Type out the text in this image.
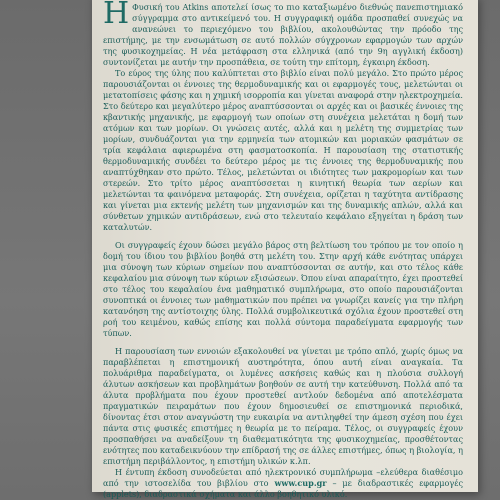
Η Φυσική του Atkins αποτελεί ίσως το πιο καταξιωμένο διεθνώς πανεπιστημιακό σύγγραμμα στο αντικείμενό του. Η συγγραφική ομάδα προσπαθεί συνεχώς να ανανεώνει το περιεχόμενο του βιβλίου, ακολουθώντας την πρόοδο της επιστήμης, με την ενσωμάτωση σε αυτό πολλών σύγχρονων εφαρμογών των αρχών της φυσικοχημείας. Η νέα μετάφραση στα ελληνικά (από την 9η αγγλική έκδοση) συντονίζεται με αυτήν την προσπάθεια, σε τούτη την επίτομη, έγκαιρη έκδοση.

Το εύρος της ύλης που καλύπτεται στο βιβλίο είναι πολύ μεγάλο. Στο πρώτο μέρος παρουσιάζονται οι έννοιες της θερμοδυναμικής και οι εφαρμογές τους, μελετώνται οι μετατοπίσεις φάσης και η χημική ισορροπία και γίνεται αναφορά στην ηλεκτροχημεία. Στο δεύτερο και μεγαλύτερο μέρος αναπτύσσονται οι αρχές και οι βασικές έννοιες της κβαντικής μηχανικής, με εφαρμογή των οποίων στη συνέχεια μελετάται η δομή των ατόμων και των μορίων. Οι γνώσεις αυτές, αλλά και η μελέτη της συμμετρίας των μορίων, συνδυάζονται για την ερμηνεία των ατομικών και μοριακών φασμάτων σε τρία κεφάλαια αφιερωμένα στη φασματοσκοπία. Η παρουσίαση της στατιστικής θερμοδυναμικής συνδέει το δεύτερο μέρος με τις έννοιες της θερμοδυναμικής που αναπτύχθηκαν στο πρώτο. Τέλος, μελετώνται οι ιδιότητες των μακρομορίων και των στερεών. Στο τρίτο μέρος αναπτύσσεται η κινητική θεωρία των αερίων και μελετώνται τα φαινόμενα μεταφοράς. Στη συνέχεια, ορίζεται η ταχύτητα αντίδρασης και γίνεται μια εκτενής μελέτη των μηχανισμών και της δυναμικής απλών, αλλά και σύνθετων χημικών αντιδράσεων, ενώ στο τελευταίο κεφάλαιο εξηγείται η δράση των καταλυτών.

Οι συγγραφείς έχουν δώσει μεγάλο βάρος στη βελτίωση του τρόπου με τον οποίο η δομή του ίδιου του βιβλίου βοηθά στη μελέτη του. Στην αρχή κάθε ενότητας υπάρχει μια σύνοψη των κύριων σημείων που αναπτύσσονται σε αυτήν, και στο τέλος κάθε κεφαλαίου μια σύνοψη των κύριων εξισώσεων. Όπου είναι απαραίτητο, έχει προστεθεί στο τέλος του κεφαλαίου ένα μαθηματικό συμπλήρωμα, στο οποίο παρουσιάζονται συνοπτικά οι έννοιες των μαθηματικών που πρέπει να γνωρίζει κανείς για την πλήρη κατανόηση της αντίστοιχης ύλης. Πολλά συμβολικευτικά σχόλια έχουν προστεθεί στη ροή του κειμένου, καθώς επίσης και πολλά σύντομα παραδείγματα εφαρμογής των τύπων.

Η παρουσίαση των εννοιών εξακολουθεί να γίνεται με τρόπο απλό, χωρίς όμως να παραβλέπεται η επιστημονική αυστηρότητα, όπου αυτή είναι αναγκαία. Τα πολυάριθμα παραδείγματα, οι λυμένες ασκήσεις καθώς και η πλούσια συλλογή άλυτων ασκήσεων και προβλημάτων βοηθούν σε αυτή την κατεύθυνση. Πολλά από τα άλυτα προβλήματα που έχουν προστεθεί αντλούν δεδομένα από αποτελέσματα πραγματικών πειραμάτων που έχουν δημοσιευθεί σε επιστημονικά περιοδικά, δίνοντας έτσι στον αναγνώστη την ευκαιρία να αντιληφθεί την άμεση σχέση που έχει πάντα στις φυσικές επιστήμες η θεωρία με το πείραμα. Τέλος, οι συγγραφείς έχουν προσπαθήσει να αναδείξουν τη διαθεματικότητα της φυσικοχημείας, προσθέτοντας ενότητες που καταδεικνύουν την επίδρασή της σε άλλες επιστήμες, όπως η βιολογία, η επιστήμη περιβάλλοντος, η επιστήμη υλικών κ.λπ.

Η έντυπη έκδοση συνοδεύεται από ηλεκτρονικό συμπλήρωμα –ελεύθερα διαθέσιμο από την ιστοσελίδα του βιβλίου στο www.cup.gr – με διαδραστικές εφαρμογές (applets), διαδραστικά σχήματα και άλλο βοηθητικό υλικό.
